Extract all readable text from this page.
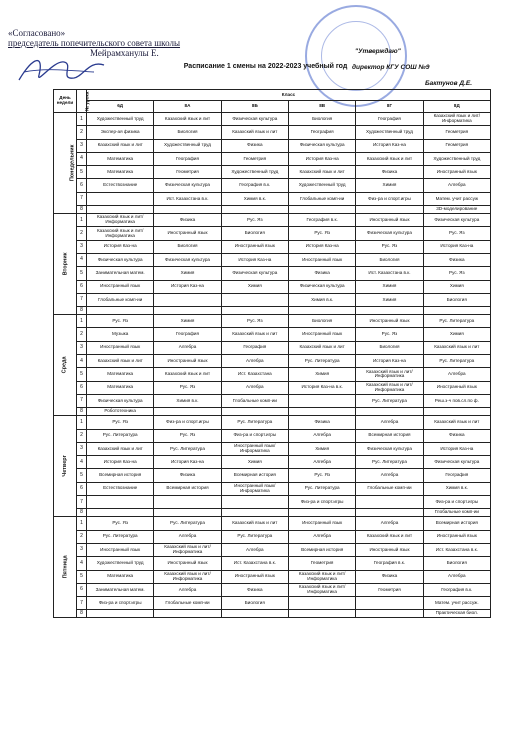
«Согласовано»
председатель попечительского совета школы
Мейрамханулы Е.	"Утверждаю"
директор КГУ СОШ №9
Бактунов Д.Е.
Расписание 1 смены на 2022-2023 учебный год
День недели	№ урока	Класс					
		6Д	8А	8Б	8В	8Г	8Д
Понедельник	1	Художественный труд	Казахский язык и лит	Физическая культура	Биология	География	Казахский язык и лит/ Информатика
	2	Экспер-ая физика	Биология	Казахский язык и лит	География	Художественный труд	Геометрия
	3	Казахский язык и лит	Художественный труд	Физика	Физическая культура	История Каз-на	Геометрия
	4	Математика	География	Геометрия	История Каз-на	Казахский язык и лит	Художественный труд
	5	Математика	Геометрия	Художественный труд	Казахский язык и лит	Физика	Иностранный язык
	6	Естествознание	Физическая культура	География в.к.	Художественный труд	Химия	Алгебра
	7		Ист. Казахстана в.к.	Химия в.к.	Глобальные комп-ии	Физ-ра и спорт.игры	Матем. учит рассуж
	8						3D-моделирование
Вторник	1	Казахский язык и лит/Информатика	Физика	Рус. Яз	География в.к.	Иностранный язык	Физическая культура
	2	Казахский язык и лит/Информатика	Иностранный язык	Биология	Рус. Яз	Физическая культура	Рус. Яз
	3	История Каз-на	Биология	Иностранный язык	История Каз-на	Рус. Яз	История Каз-на
	4	Физическая культура	Физическая культура	История Каз-на	Иностранный язык	Биология	Физика
	5	Занимательная матем.	Химия	Физическая культура	Физика	Ист. Казахстана в.к.	Рус. Яз
	6	Иностранный язык	История Каз-на	Химия	Физическая культура	Химия	Химия
	7	Глобальные комп-ии			Химия в.к.	Химия	Биология
	8						
Среда	1	Рус. Яз	Химия	Рус. Яз	Биология	Иностранный язык	Рус. Литература
	2	Музыка	География	Казахский язык и лит	Иностранный язык	Рус. Яз	Химия
	3	Иностранный язык	Алгебра	География	Казахский язык и лит	Биология	Казахский язык и лит
	4	Казахский язык и лит	Иностранный язык	Алгебра	Рус. Литература	История Каз-на	Рус. Литература
	5	Математика	Казахский язык и лит	Ист. Казахстана	Химия	Казахский язык и лит/Информатика	Алгебра
	6	Математика	Рус. Яз	Алгебра	История Каз-на в.к.	Казахский язык и лит/Информатика	Иностранный язык
	7	Физическая культура	Химия в.к.	Глобальные комп-ии		Рус. Литература	Реш.з-ч пов.сл.по ф.
	8	Робототехника					
Четверг	1	Рус. Яз	Физ-ра и спорт.игры	Рус. Литература	Физика	Алгебра	Казахский язык и лит
	2	Рус. Литература	Рус. Яз	Физ-ра и спорт.игры	Алгебра	Всемирная история	Физика
	3	Казахский язык и лит	Рус. Литература	Иностранный язык/ Информатика	Химия	Физическая культура	История Каз-на
	4	История Каз-на	История Каз-на	Химия	Алгебра	Рус. Литература	Физическая культура
	5	Всемирная история	Физика	Всемирная история	Рус. Яз	Алгебра	География
	6	Естествознание	Всемирная история	Иностранный язык/ Информатика	Рус. Литература	Глобальные комп-ии	Химия в.к.
	7				Физ-ра и спорт.игры		Физ-ра и спорт.игры
	8						Глобальные комп-ии
Пятница	1	Рус. Яз	Рус. Литература	Казахский язык и лит	Иностранный язык	Алгебра	Всемирная история
	2	Рус. Литература	Алгебра	Рус. Литература	Алгебра	Казахский язык и лит	Иностранный язык
	3	Иностранный язык	Казахский язык и лит/Информатика	Алгебра	Всемирная история	Иностранный язык	Ист. Казахстана в.к.
	4	Художественный труд	Иностранный язык	Ист. Казахстана в.к.	Геометрия	География в.к.	Биология
	5	Математика	Казахский язык и лит/Информатика	Иностранный язык	Казахский язык и лит/Информатика	Физика	Алгебра
	6	Занимательная матем.	Алгебра	Физика	Казахский язык и лит/Информатика	Геометрия	География в.к.
	7	Физ-ра и спорт.игры	Глобальные комп-ии	Биология			Матем. учит рассуж.
	8						Практическая биол.
